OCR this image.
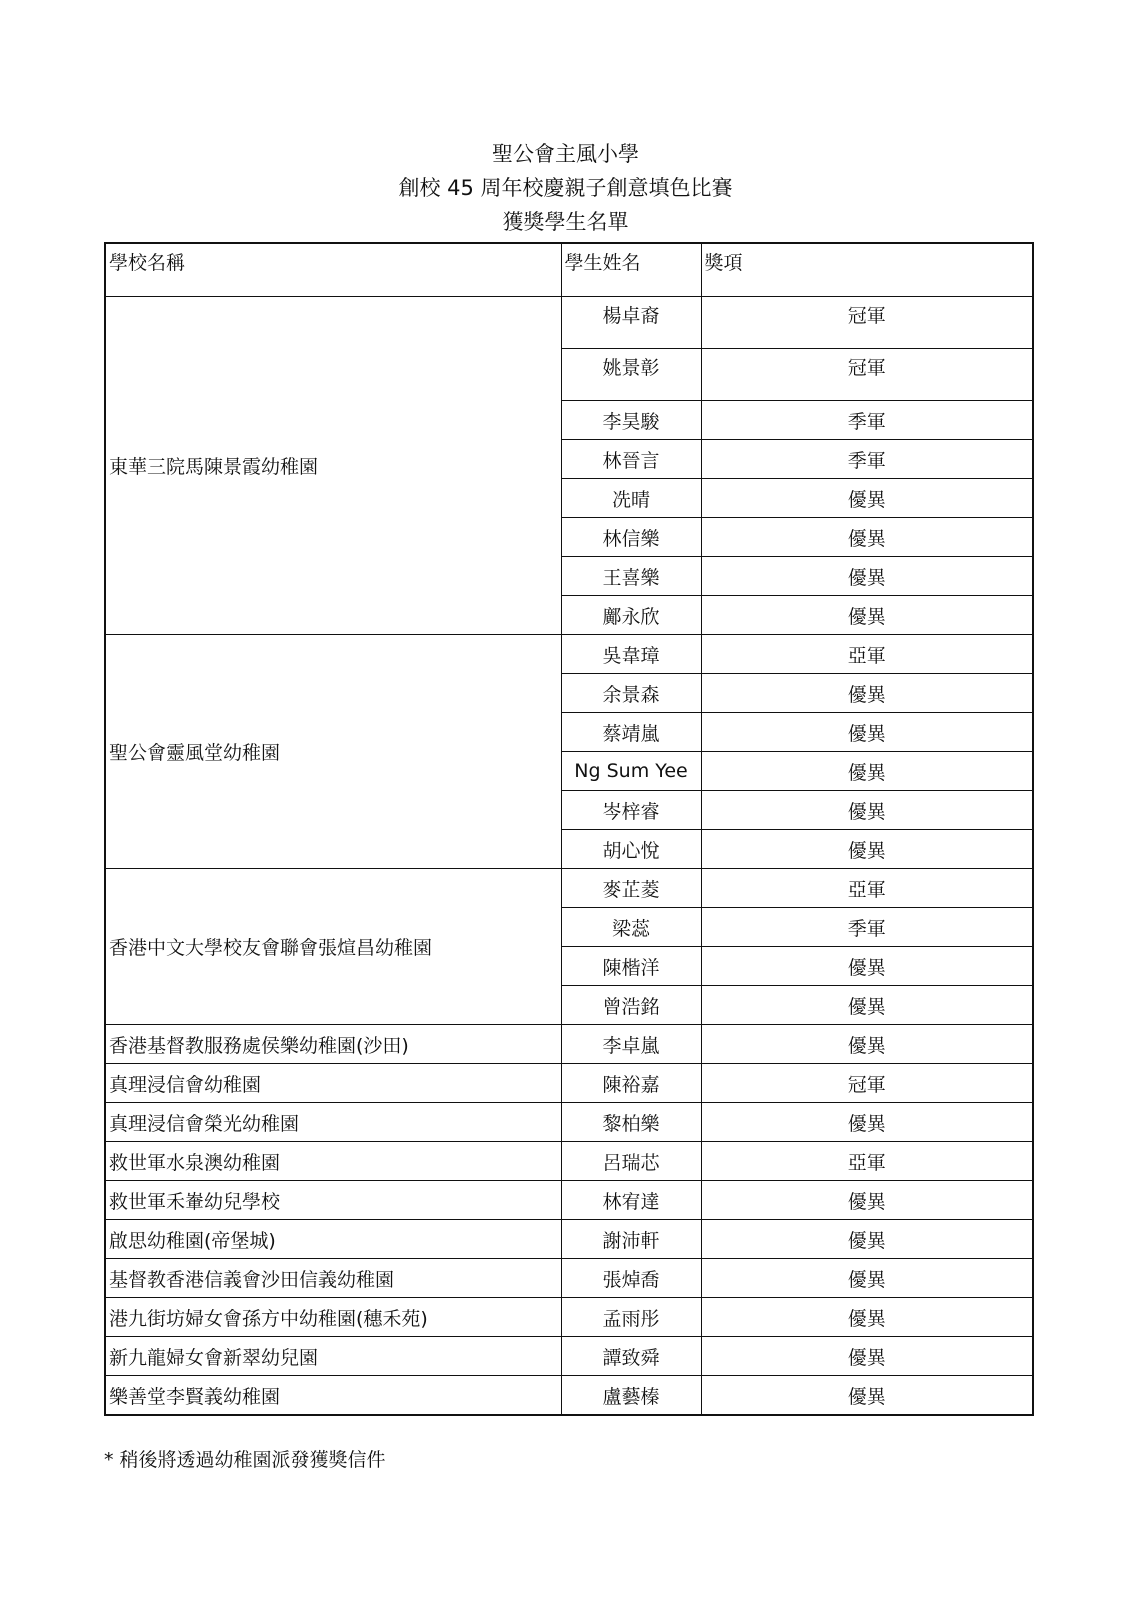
聖公會主風小學
創校 45 周年校慶親子創意填色比賽
獲獎學生名單
學校名稱	學生姓名	獎項
東華三院馬陳景霞幼稚園	楊卓裔	冠軍
	姚景彰	冠軍
	李昊駿	季軍
	林晉言	季軍
	冼晴	優異
	林信樂	優異
	王喜樂	優異
	鄺永欣	優異
聖公會靈風堂幼稚園	吳韋璋	亞軍
	余景森	優異
	蔡靖嵐	優異
	Ng Sum Yee	優異
	岑梓睿	優異
	胡心悅	優異
香港中文大學校友會聯會張煊昌幼稚園	麥芷菱	亞軍
	梁蕊	季軍
	陳楷洋	優異
	曾浩銘	優異
香港基督教服務處侯樂幼稚園(沙田)	李卓嵐	優異
真理浸信會幼稚園	陳裕嘉	冠軍
真理浸信會榮光幼稚園	黎柏樂	優異
救世軍水泉澳幼稚園	呂瑞芯	亞軍
救世軍禾輋幼兒學校	林宥達	優異
啟思幼稚園(帝堡城)	謝沛軒	優異
基督教香港信義會沙田信義幼稚園	張焯喬	優異
港九街坊婦女會孫方中幼稚園(穗禾苑)	孟雨彤	優異
新九龍婦女會新翠幼兒園	譚致舜	優異
樂善堂李賢義幼稚園	盧藝榛	優異
* 稍後將透過幼稚園派發獲獎信件
